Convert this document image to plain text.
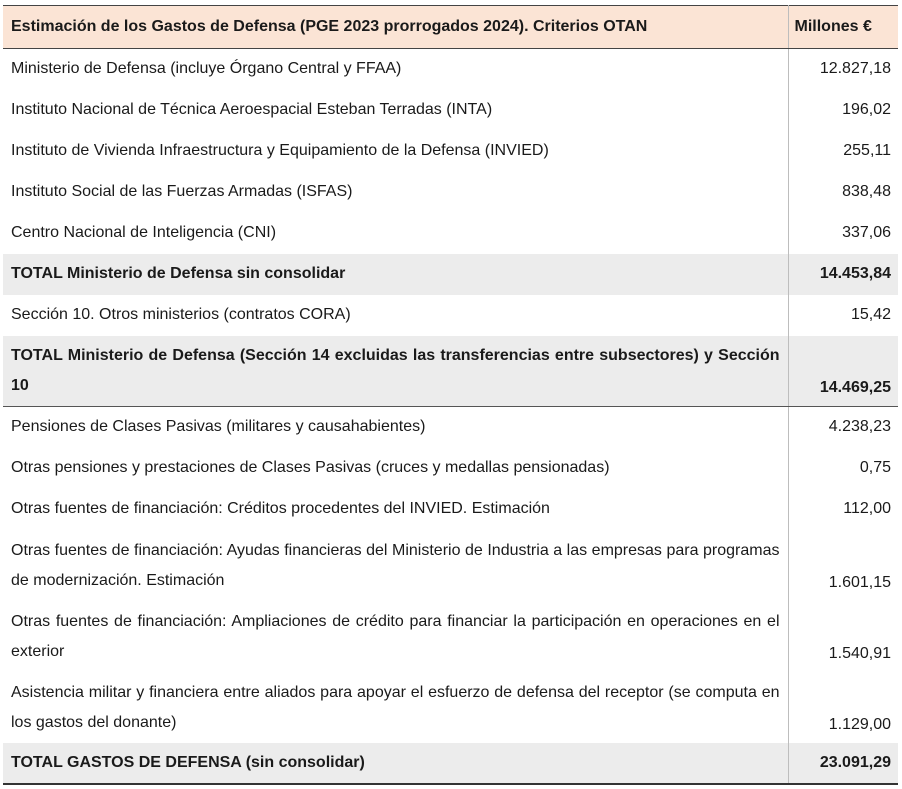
Estimación de los Gastos de Defensa (PGE 2023 prorrogados 2024). Criterios OTAN	Millones €
Ministerio de Defensa (incluye Órgano Central y FFAA)	12.827,18
Instituto Nacional de Técnica Aeroespacial Esteban Terradas (INTA)	196,02
Instituto de Vivienda Infraestructura y Equipamiento de la Defensa (INVIED)	255,11
Instituto Social de las Fuerzas Armadas (ISFAS)	838,48
Centro Nacional de Inteligencia (CNI)	337,06
TOTAL Ministerio de Defensa sin consolidar	14.453,84
Sección 10. Otros ministerios (contratos CORA)	15,42
TOTAL Ministerio de Defensa (Sección 14 excluidas las transferencias entre subsectores) y Sección 10	14.469,25
Pensiones de Clases Pasivas (militares y causahabientes)	4.238,23
Otras pensiones y prestaciones de Clases Pasivas (cruces y medallas pensionadas)	0,75
Otras fuentes de financiación: Créditos procedentes del INVIED. Estimación	112,00
Otras fuentes de financiación: Ayudas financieras del Ministerio de Industria a las empresas para programas de modernización. Estimación	1.601,15
Otras fuentes de financiación: Ampliaciones de crédito para financiar la participación en operaciones en el exterior	1.540,91
Asistencia militar y financiera entre aliados para apoyar el esfuerzo de defensa del receptor (se computa en los gastos del donante)	1.129,00
TOTAL GASTOS DE DEFENSA (sin consolidar)	23.091,29
